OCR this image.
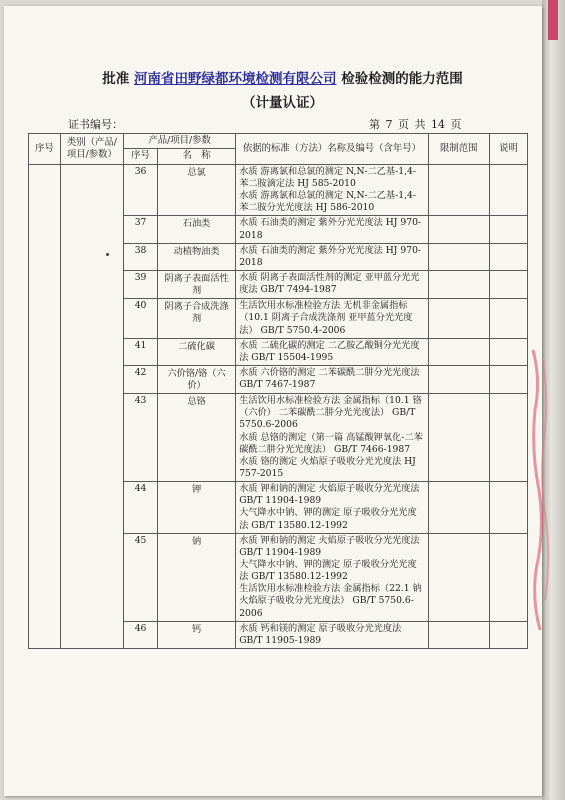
批准 河南省田野绿都环境检测有限公司 检验检测的能力范围
（计量认证）
证书编号：	第 7 页 共 14 页
序号	类别（产品/项目/参数）	产品/项目/参数		依据的标准（方法）名称及编号（含年号）	限制范围	说明
		序号	名　称			
		36	总氯	水质 游离氯和总氯的测定 N,N-二乙基-1,4-苯二胺滴定法 HJ 585-2010
水质 游离氯和总氯的测定 N,N-二乙基-1,4-苯二胺分光光度法 HJ 586-2010		

		37	石油类	水质 石油类的测定 紫外分光光度法 HJ 970-2018		

		38	动植物油类	水质 石油类的测定 紫外分光光度法 HJ 970-2018		

		39	阴离子表面活性剂	水质 阴离子表面活性剂的测定 亚甲蓝分光光度法 GB/T 7494-1987		

		40	阴离子合成洗涤剂	生活饮用水标准检验方法 无机非金属指标（10.1 阴离子合成洗涤剂 亚甲蓝分光光度法） GB/T 5750.4-2006		

		41	二硫化碳	水质 二硫化碳的测定 二乙胺乙酸铜分光光度法 GB/T 15504-1995		

		42	六价铬/铬（六价）	水质 六价铬的测定 二苯碳酰二肼分光光度法 GB/T 7467-1987		

		43	总铬	生活饮用水标准检验方法 金属指标（10.1 铬（六价） 二苯碳酰二肼分光光度法） GB/T 5750.6-2006
水质 总铬的测定（第一篇 高锰酸钾氧化-二苯碳酰二肼分光光度法） GB/T 7466-1987
水质 铬的测定 火焰原子吸收分光光度法 HJ 757-2015		

		44	钾	水质 钾和钠的测定 火焰原子吸收分光光度法 GB/T 11904-1989
大气降水中钠、钾的测定 原子吸收分光光度法 GB/T 13580.12-1992		

		45	钠	水质 钾和钠的测定 火焰原子吸收分光光度法 GB/T 11904-1989
大气降水中钠、钾的测定 原子吸收分光光度法 GB/T 13580.12-1992
生活饮用水标准检验方法 金属指标（22.1 钠 火焰原子吸收分光光度法） GB/T 5750.6-2006		

		46	钙	水质 钙和镁的测定 原子吸收分光光度法 GB/T 11905-1989		
